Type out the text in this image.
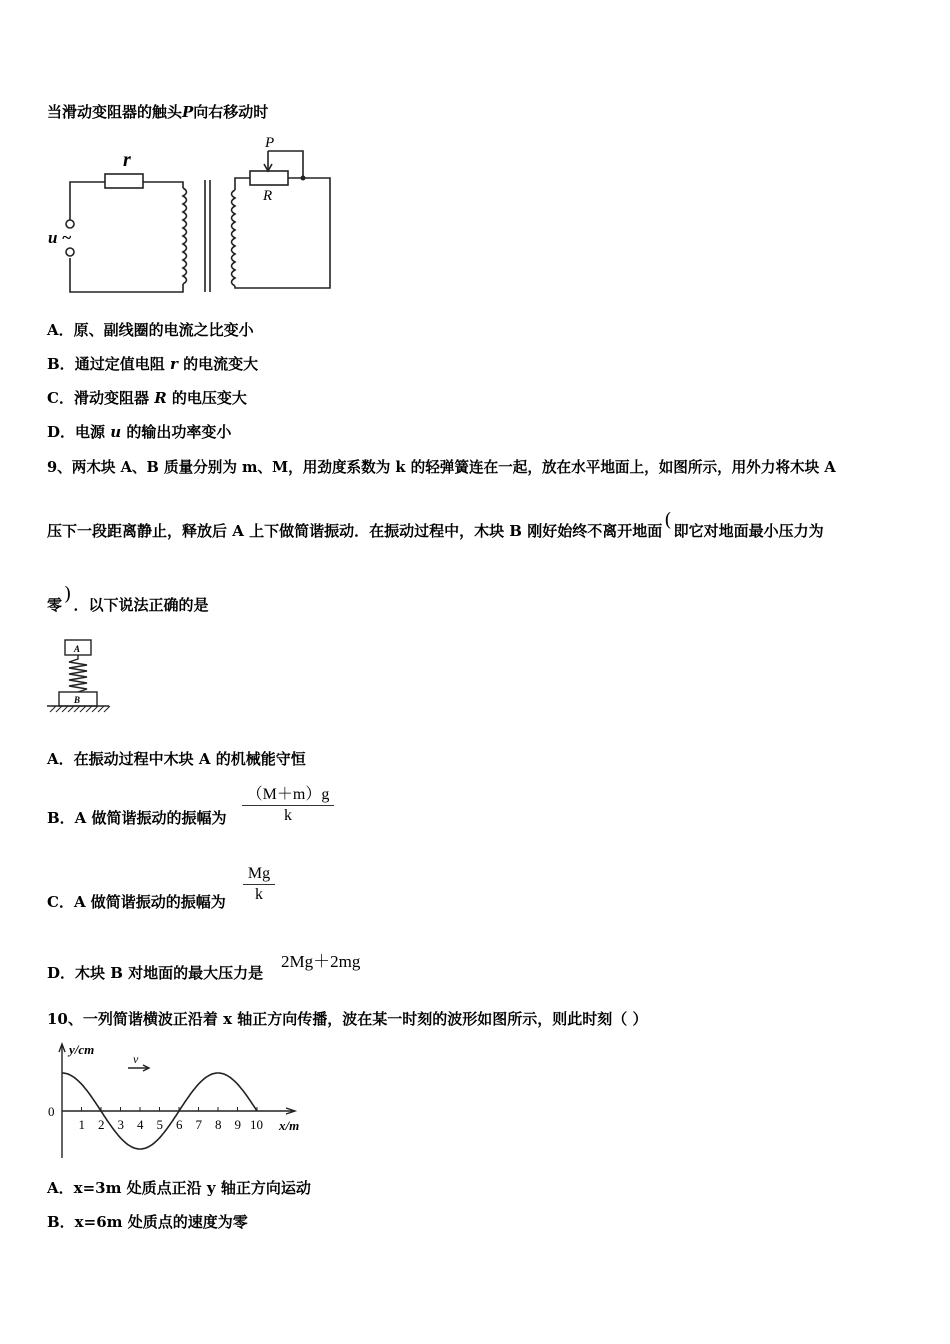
当滑动变阻器的触头P向右移动时
r
P
R
u ~
A．原、副线圈的电流之比变小
B．通过定值电阻 r 的电流变大
C．滑动变阻器 R 的电压变大
D．电源 u 的输出功率变小
9、两木块 A、B 质量分别为 m、M，用劲度系数为 k 的轻弹簧连在一起，放在水平地面上，如图所示，用外力将木块 A
压下一段距离静止，释放后 A 上下做简谐振动．在振动过程中，木块 B 刚好始终不离开地面 ( 即它对地面最小压力为
零 ) ．以下说法正确的是
A
B
A．在振动过程中木块 A 的机械能守恒
B．A 做简谐振动的振幅为
（M＋m）g
k
C．A 做简谐振动的振幅为
Mg
k
D．木块 B 对地面的最大压力是
2Mg＋2mg
10、一列简谐横波正沿着 x 轴正方向传播，波在某一时刻的波形如图所示，则此时刻（ ）
y/cm
0
v
x/m
1 2 3 4 5 6 7 8 9 10
A．x=3m 处质点正沿 y 轴正方向运动
B．x=6m 处质点的速度为零
